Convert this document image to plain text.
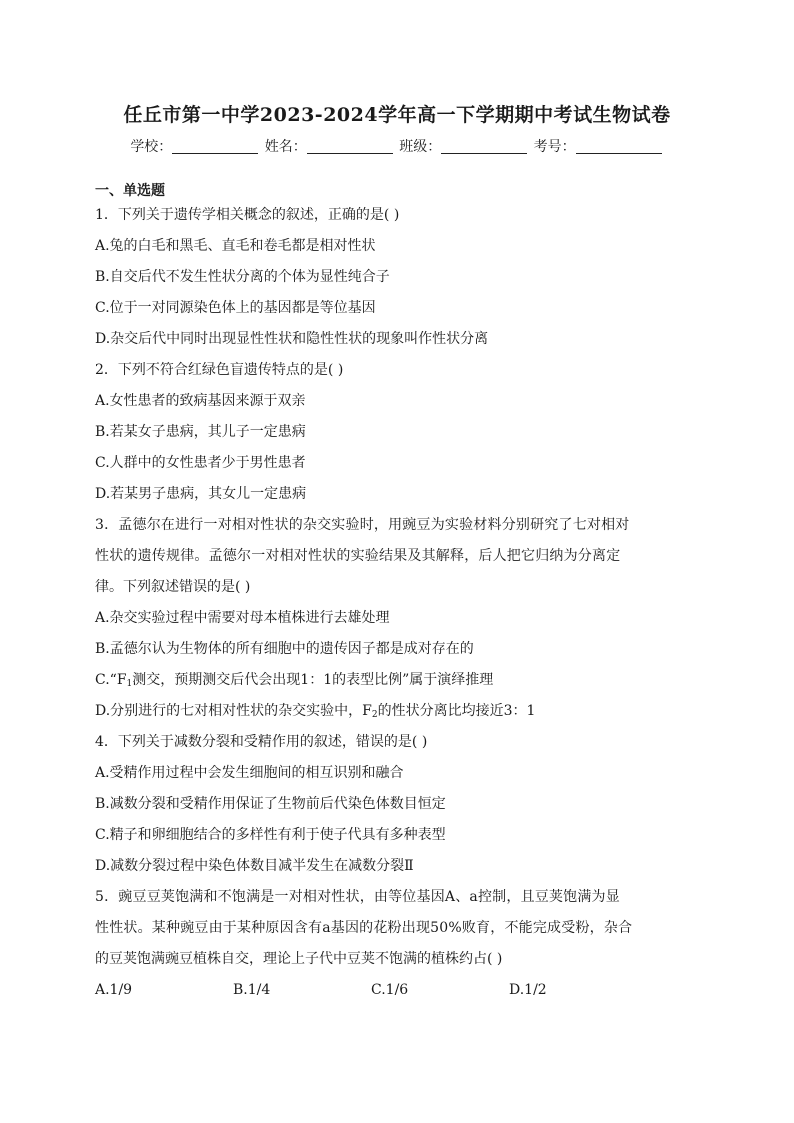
任丘市第一中学2023-2024学年高一下学期期中考试生物试卷
学校：	姓名：	班级：	考号：
一、单选题
1．下列关于遗传学相关概念的叙述，正确的是( )
A.兔的白毛和黑毛、直毛和卷毛都是相对性状
B.自交后代不发生性状分离的个体为显性纯合子
C.位于一对同源染色体上的基因都是等位基因
D.杂交后代中同时出现显性性状和隐性性状的现象叫作性状分离
2．下列不符合红绿色盲遗传特点的是( )
A.女性患者的致病基因来源于双亲
B.若某女子患病，其儿子一定患病
C.人群中的女性患者少于男性患者
D.若某男子患病，其女儿一定患病
3．孟德尔在进行一对相对性状的杂交实验时，用豌豆为实验材料分别研究了七对相对
性状的遗传规律。孟德尔一对相对性状的实验结果及其解释，后人把它归纳为分离定
律。下列叙述错误的是( )
A.杂交实验过程中需要对母本植株进行去雄处理
B.孟德尔认为生物体的所有细胞中的遗传因子都是成对存在的
$C.“F_1$测交，预期测交后代会出现1：1的表型比例”属于演绎推理
D.分别进行的七对相对性状的杂交实验中，$F_2$的性状分离比均接近3：1
4．下列关于减数分裂和受精作用的叙述，错误的是( )
A.受精作用过程中会发生细胞间的相互识别和融合
B.减数分裂和受精作用保证了生物前后代染色体数目恒定
C.精子和卵细胞结合的多样性有利于使子代具有多种表型
D.减数分裂过程中染色体数目减半发生在减数分裂Ⅱ
5．豌豆豆荚饱满和不饱满是一对相对性状，由等位基因A、a控制，且豆荚饱满为显
性性状。某种豌豆由于某种原因含有a基因的花粉出现50%败育，不能完成受粉，杂合
的豆荚饱满豌豆植株自交，理论上子代中豆荚不饱满的植株约占( )
A.1/9	B.1/4	C.1/6	D.1/2
